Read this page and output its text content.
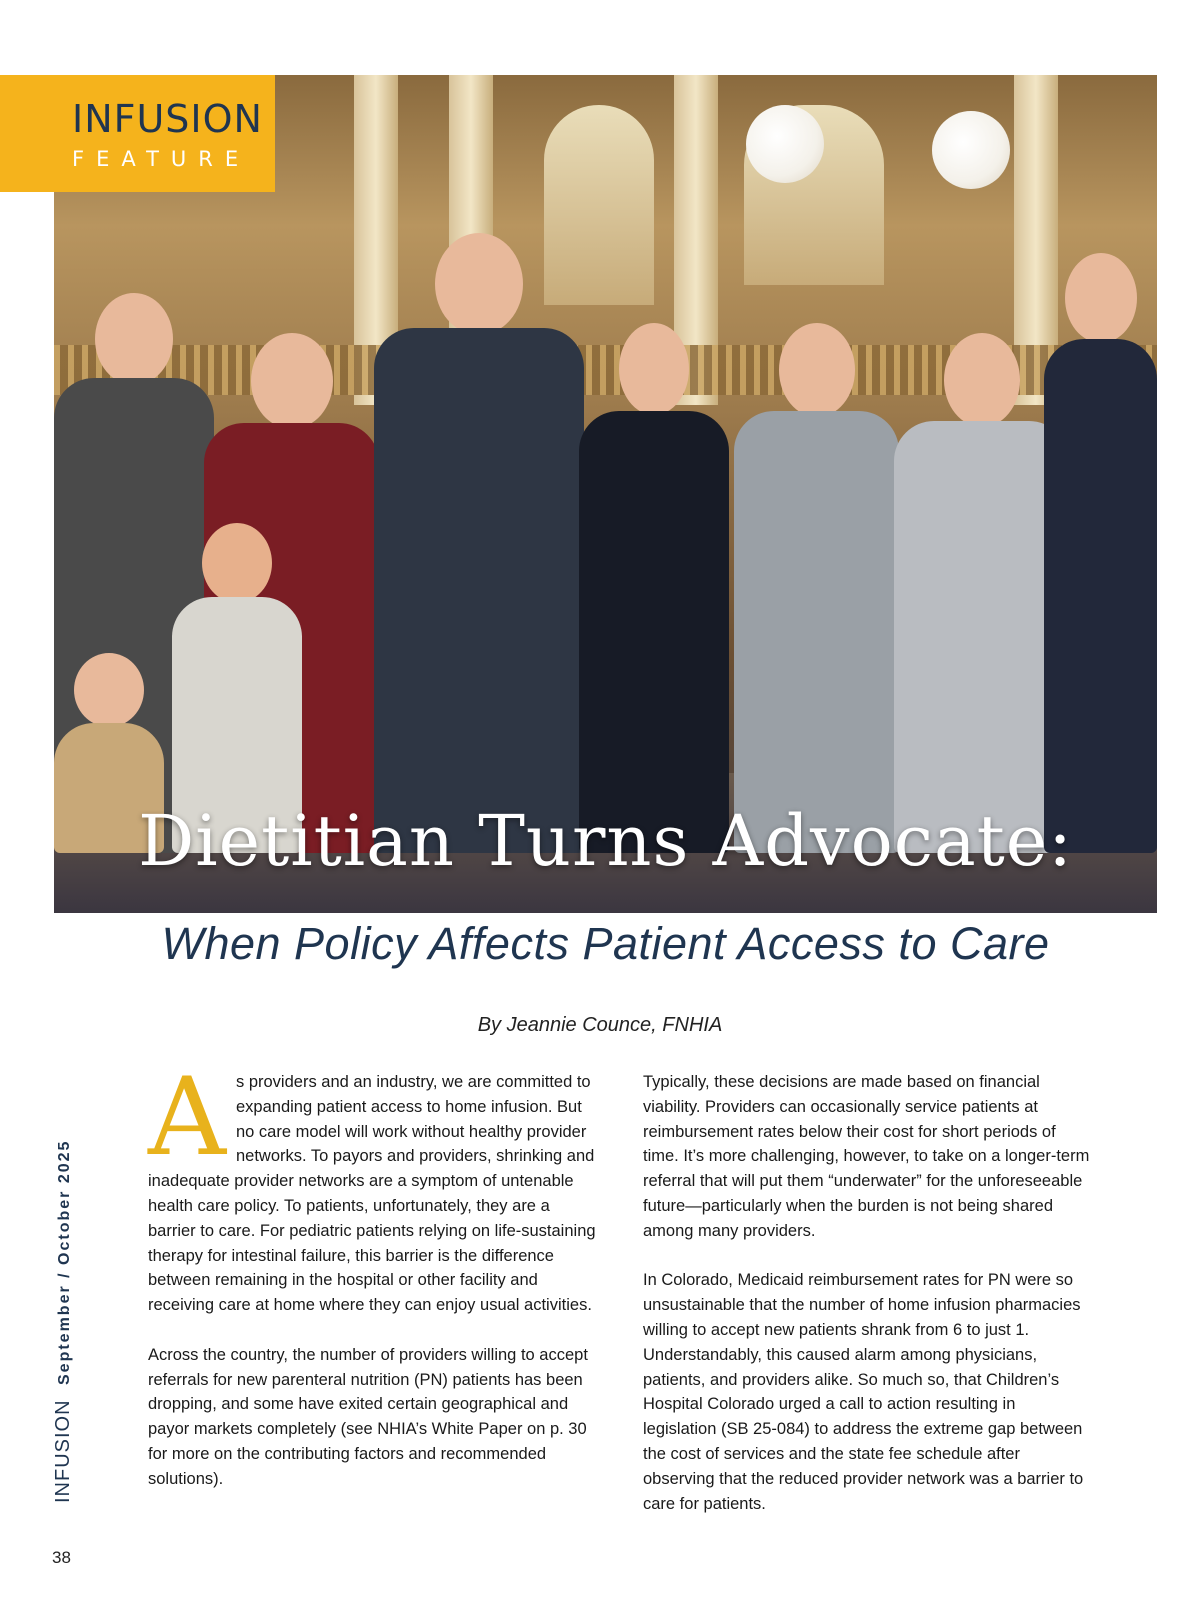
Dietitian Turns Advocate:
INFUSION
FEATURE
When Policy Affects Patient Access to Care
By Jeannie Counce, FNHIA

As providers and an industry, we are committed to expanding patient access to home infusion. But no care model will work without healthy provider networks. To payors and providers, shrinking and inadequate provider networks are a symptom of untenable health care policy. To patients, unfortunately, they are a barrier to care. For pediatric patients relying on life-sustaining therapy for intestinal failure, this barrier is the difference between remaining in the hospital or other facility and receiving care at home where they can enjoy usual activities.

Across the country, the number of providers willing to accept referrals for new parenteral nutrition (PN) patients has been dropping, and some have exited certain geographical and payor markets completely (see NHIA’s White Paper on p. 30 for more on the contributing factors and recommended solutions).

Typically, these decisions are made based on financial viability. Providers can occasionally service patients at reimbursement rates below their cost for short periods of time. It’s more challenging, however, to take on a longer-term referral that will put them “underwater” for the unforeseeable future—particularly when the burden is not being shared among many providers.

In Colorado, Medicaid reimbursement rates for PN were so unsustainable that the number of home infusion pharmacies willing to accept new patients shrank from 6 to just 1. Understandably, this caused alarm among physicians, patients, and providers alike. So much so, that Children’s Hospital Colorado urged a call to action resulting in legislation (SB 25-084) to address the extreme gap between the cost of services and the state fee schedule after observing that the reduced provider network was a barrier to care for patients.

INFUSION September / October 2025
38
